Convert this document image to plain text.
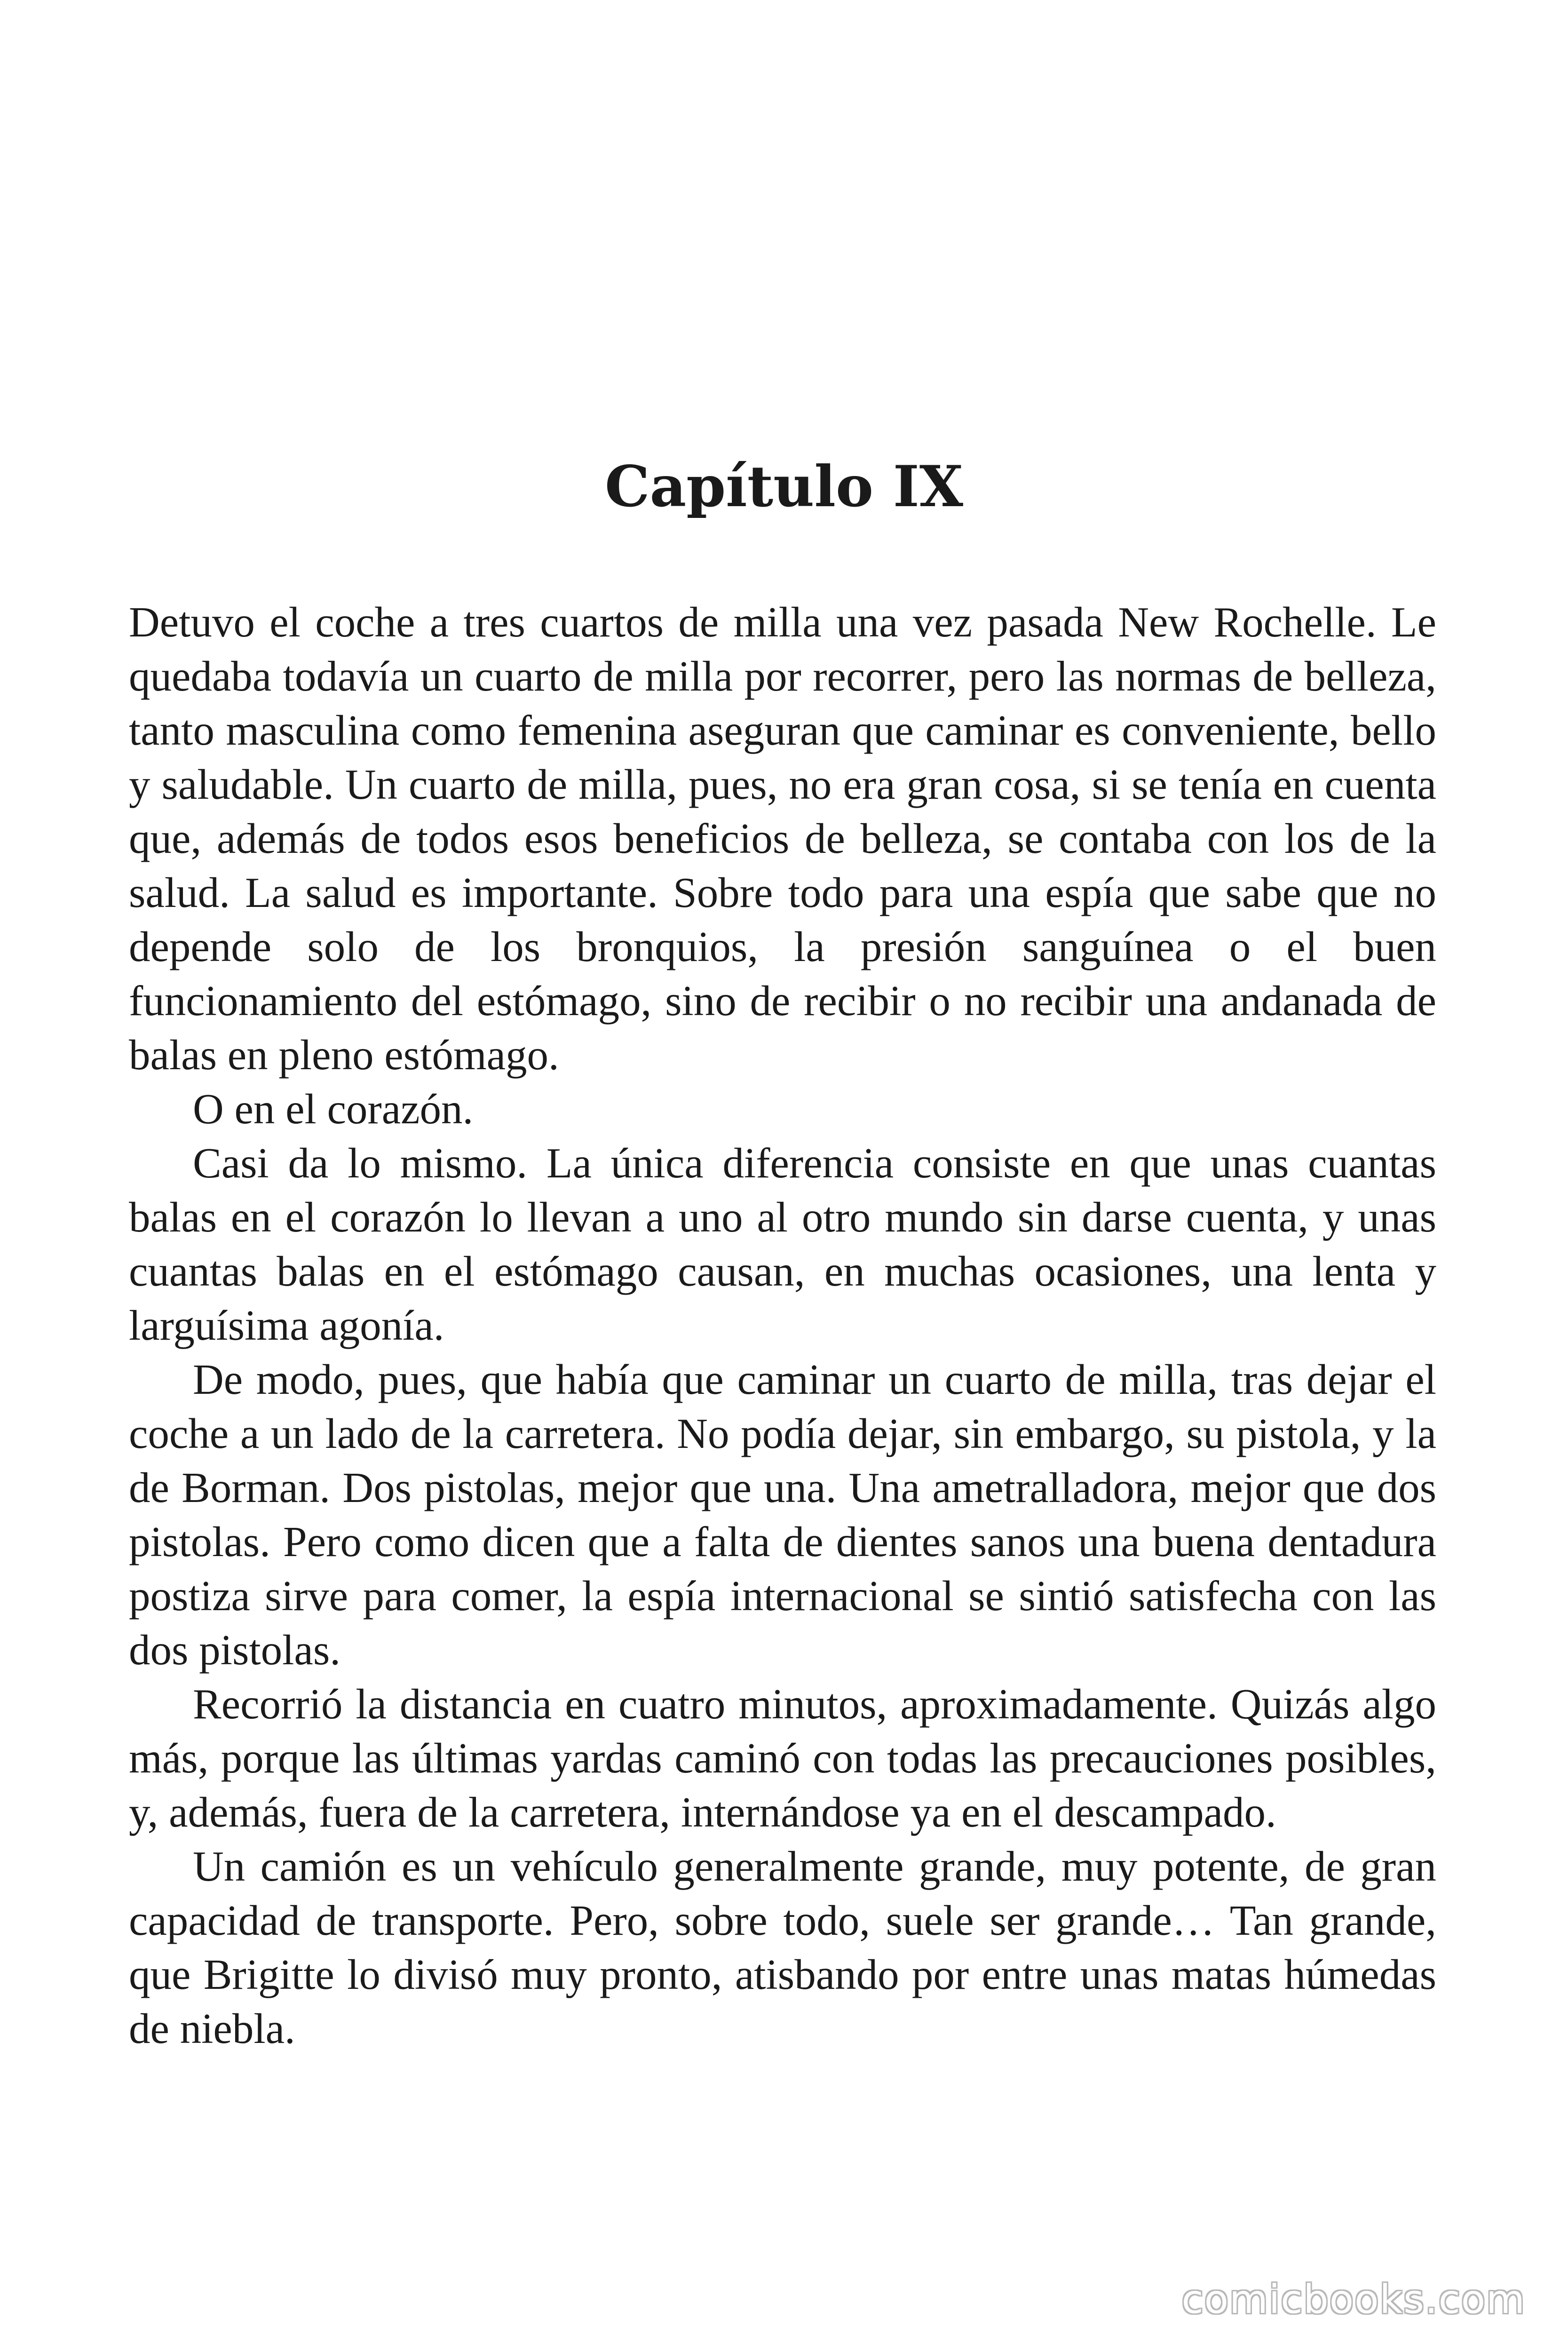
Capítulo IX

Detuvo el coche a tres cuartos de milla una vez pasada New Rochelle. Le quedaba todavía un cuarto de milla por recorrer, pero las normas de belleza, tanto masculina como femenina aseguran que caminar es conveniente, bello y saludable. Un cuarto de milla, pues, no era gran cosa, si se tenía en cuenta que, además de todos esos beneficios de belleza, se contaba con los de la salud. La salud es importante. Sobre todo para una espía que sabe que no depende solo de los bronquios, la presión sanguínea o el buen funcionamiento del estómago, sino de recibir o no recibir una andanada de balas en pleno estómago.

O en el corazón.

Casi da lo mismo. La única diferencia consiste en que unas cuantas balas en el corazón lo llevan a uno al otro mundo sin darse cuenta, y unas cuantas balas en el estómago causan, en muchas ocasiones, una lenta y larguísima agonía.

De modo, pues, que había que caminar un cuarto de milla, tras dejar el coche a un lado de la carretera. No podía dejar, sin embargo, su pistola, y la de Borman. Dos pistolas, mejor que una. Una ametralladora, mejor que dos pistolas. Pero como dicen que a falta de dientes sanos una buena dentadura postiza sirve para comer, la espía internacional se sintió satisfecha con las dos pistolas.

Recorrió la distancia en cuatro minutos, aproximadamente. Quizás algo más, porque las últimas yardas caminó con todas las precauciones posibles, y, además, fuera de la carretera, internándose ya en el descampado.

Un camión es un vehículo generalmente grande, muy potente, de gran capacidad de transporte. Pero, sobre todo, suele ser grande… Tan grande, que Brigitte lo divisó muy pronto, atisbando por entre unas matas húmedas de niebla.

comicbooks.com
